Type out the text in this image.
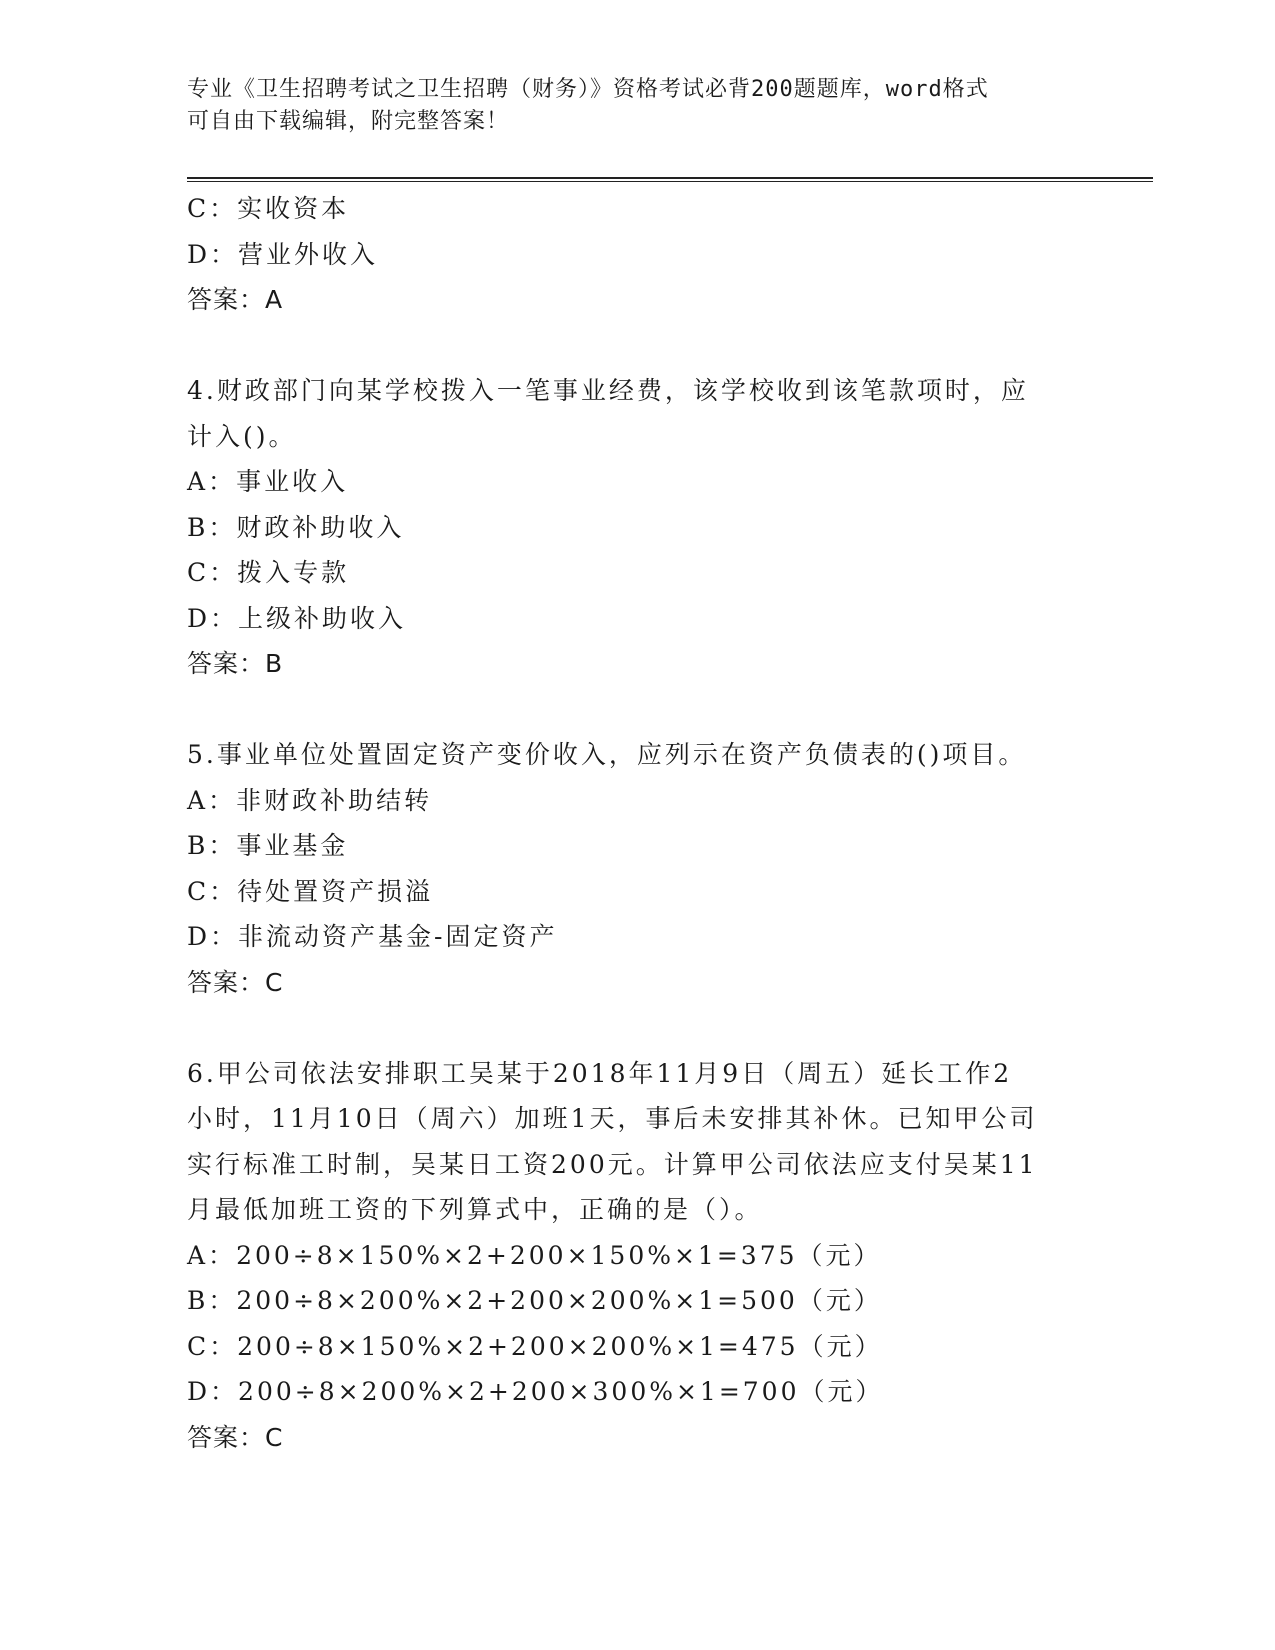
专业《卫生招聘考试之卫生招聘（财务）》资格考试必背200题题库，word格式
可自由下载编辑，附完整答案！
C：实收资本
D：营业外收入
答案：A
4.财政部门向某学校拨入一笔事业经费，该学校收到该笔款项时，应
计入()。
A：事业收入
B：财政补助收入
C：拨入专款
D：上级补助收入
答案：B
5.事业单位处置固定资产变价收入，应列示在资产负债表的()项目。
A：非财政补助结转
B：事业基金
C：待处置资产损溢
D：非流动资产基金-固定资产
答案：C
6.甲公司依法安排职工吴某于2018年11月9日（周五）延长工作2
小时，11月10日（周六）加班1天，事后未安排其补休。已知甲公司
实行标准工时制，吴某日工资200元。计算甲公司依法应支付吴某11
月最低加班工资的下列算式中，正确的是（）。
A：200÷8×150%×2+200×150%×1=375（元）
B：200÷8×200%×2+200×200%×1=500（元）
C：200÷8×150%×2+200×200%×1=475（元）
D：200÷8×200%×2+200×300%×1=700（元）
答案：C
